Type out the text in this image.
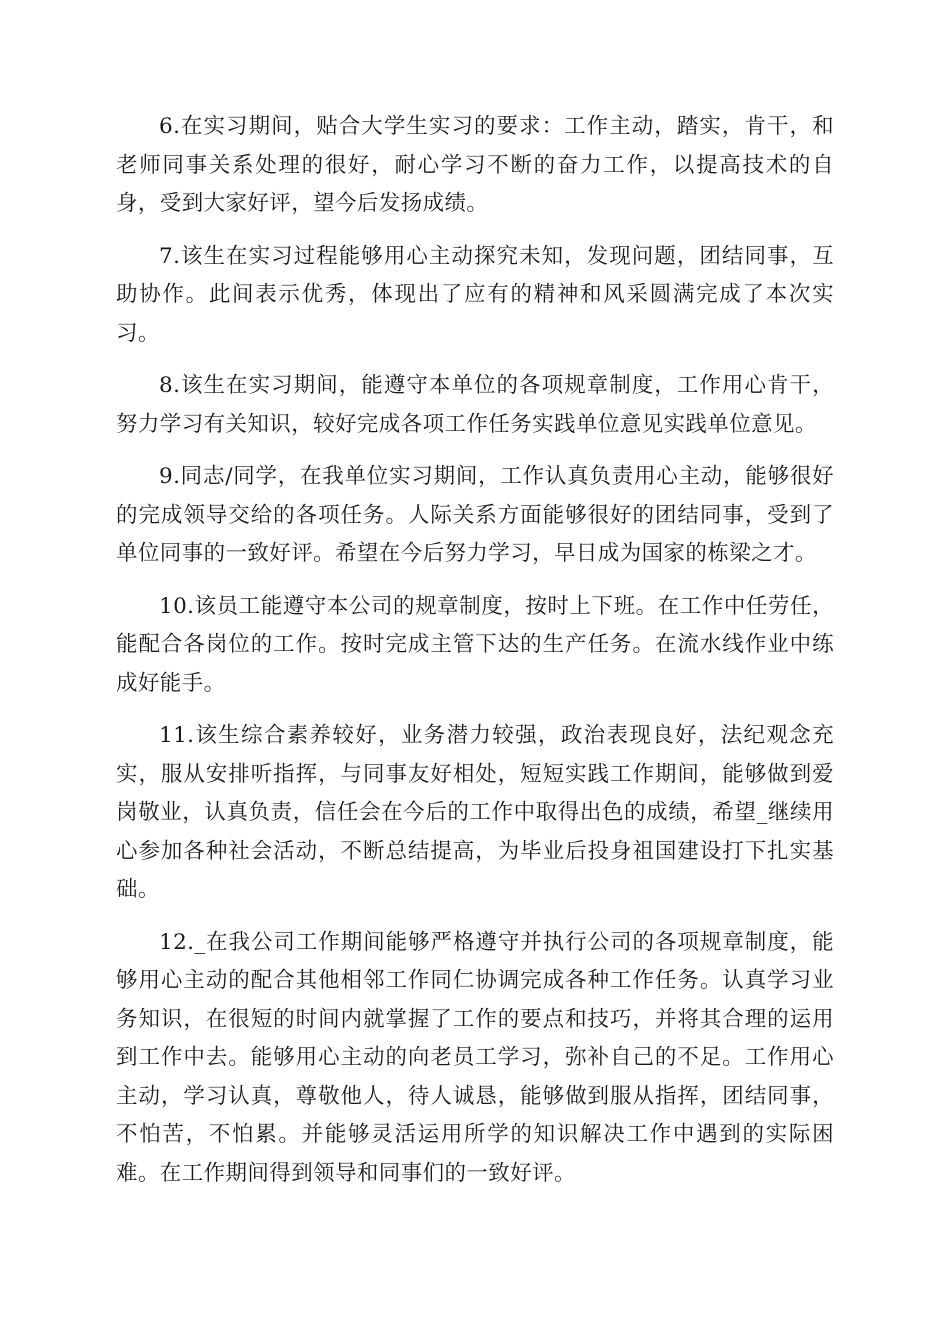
6.在实习期间，贴合大学生实习的要求：工作主动，踏实，肯干，和老师同事关系处理的很好，耐心学习不断的奋力工作，以提高技术的自身，受到大家好评，望今后发扬成绩。

7.该生在实习过程能够用心主动探究未知，发现问题，团结同事，互助协作。此间表示优秀，体现出了应有的精神和风采圆满完成了本次实习。

8.该生在实习期间，能遵守本单位的各项规章制度，工作用心肯干，努力学习有关知识，较好完成各项工作任务实践单位意见实践单位意见。

9.同志/同学，在我单位实习期间，工作认真负责用心主动，能够很好的完成领导交给的各项任务。人际关系方面能够很好的团结同事，受到了单位同事的一致好评。希望在今后努力学习，早日成为国家的栋梁之才。

10.该员工能遵守本公司的规章制度，按时上下班。在工作中任劳任，能配合各岗位的工作。按时完成主管下达的生产任务。在流水线作业中练成好能手。

11.该生综合素养较好，业务潜力较强，政治表现良好，法纪观念充实，服从安排听指挥，与同事友好相处，短短实践工作期间，能够做到爱岗敬业，认真负责，信任会在今后的工作中取得出色的成绩，希望_继续用心参加各种社会活动，不断总结提高，为毕业后投身祖国建设打下扎实基础。

12._在我公司工作期间能够严格遵守并执行公司的各项规章制度，能够用心主动的配合其他相邻工作同仁协调完成各种工作任务。认真学习业务知识，在很短的时间内就掌握了工作的要点和技巧，并将其合理的运用到工作中去。能够用心主动的向老员工学习，弥补自己的不足。工作用心主动，学习认真，尊敬他人，待人诚恳，能够做到服从指挥，团结同事，不怕苦，不怕累。并能够灵活运用所学的知识解决工作中遇到的实际困难。在工作期间得到领导和同事们的一致好评。
